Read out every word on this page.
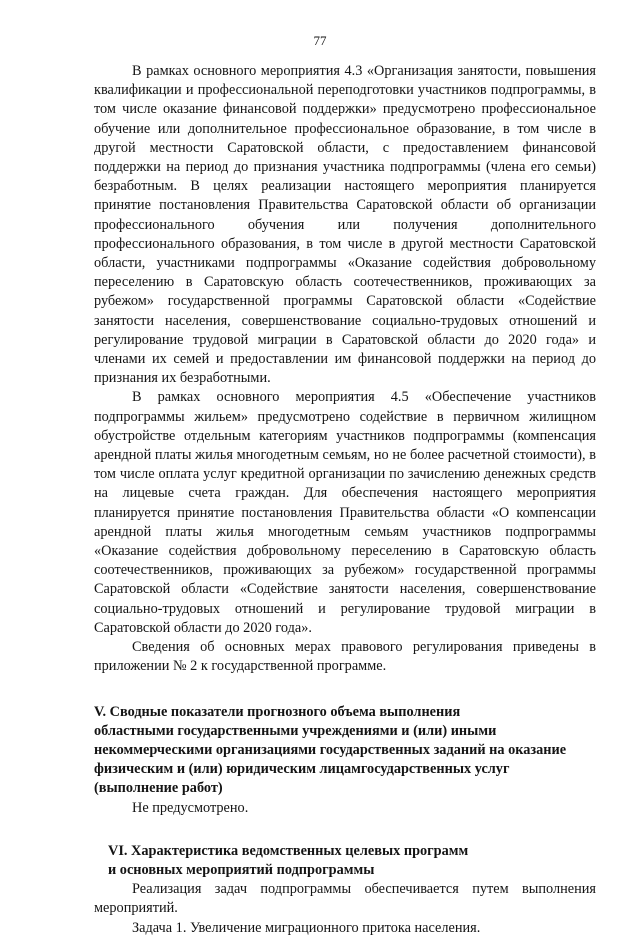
77

В рамках основного мероприятия 4.3 «Организация занятости, повышения квалификации и профессиональной переподготовки участников подпрограммы, в том числе оказание финансовой поддержки» предусмотрено профессиональное обучение или дополнительное профессиональное образование, в том числе в другой местности Саратовской области, с предоставлением финансовой поддержки на период до признания участника подпрограммы (члена его семьи) безработным. В целях реализации настоящего мероприятия планируется принятие постановления Правительства Саратовской области об организации профессионального обучения или получения дополнительного профессионального образования, в том числе в другой местности Саратовской области, участниками подпрограммы «Оказание содействия добровольному переселению в Саратовскую область соотечественников, проживающих за рубежом» государственной программы Саратовской области «Содействие занятости населения, совершенствование социально-трудовых отношений и регулирование трудовой миграции в Саратовской области до 2020 года» и членами их семей и предоставлении им финансовой поддержки на период до признания их безработными.

В рамках основного мероприятия 4.5 «Обеспечение участников подпрограммы жильем» предусмотрено содействие в первичном жилищном обустройстве отдельным категориям участников подпрограммы (компенсация арендной платы жилья многодетным семьям, но не более расчетной стоимости), в том числе оплата услуг кредитной организации по зачислению денежных средств на лицевые счета граждан. Для обеспечения настоящего мероприятия планируется принятие постановления Правительства области «О компенсации арендной платы жилья многодетным семьям участников подпрограммы «Оказание содействия добровольному переселению в Саратовскую область соотечественников, проживающих за рубежом» государственной программы Саратовской области «Содействие занятости населения, совершенствование социально-трудовых отношений и регулирование трудовой миграции в Саратовской области до 2020 года».

Сведения об основных мерах правового регулирования приведены в приложении № 2 к государственной программе.

V. Сводные показатели прогнозного объема выполнения
областными государственными учреждениями и (или) иными
некоммерческими организациями государственных заданий на оказание
физическим и (или) юридическим лицамгосударственных услуг
(выполнение работ)

Не предусмотрено.

VI. Характеристика ведомственных целевых программ
и основных мероприятий подпрограммы

Реализация задач подпрограммы обеспечивается путем выполнения мероприятий.

Задача 1. Увеличение миграционного притока населения.
